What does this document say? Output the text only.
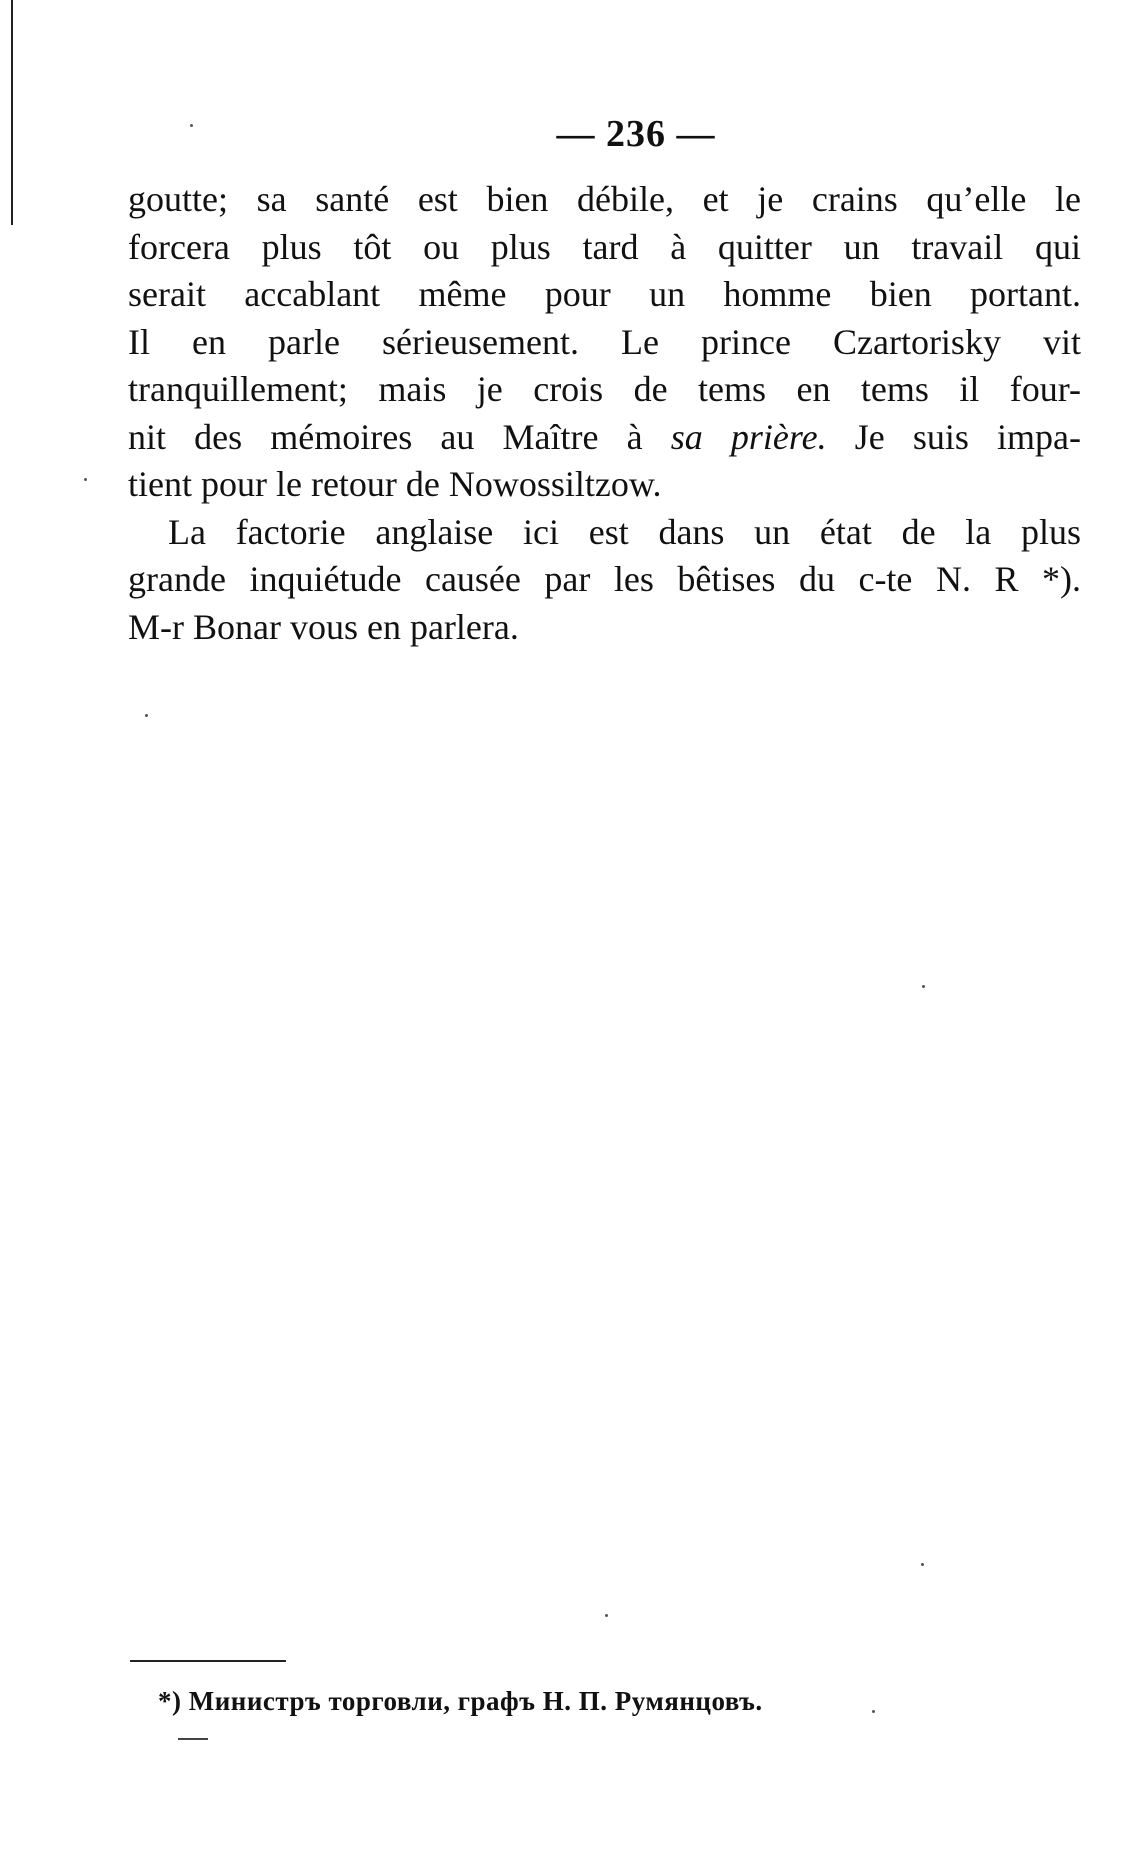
— 236 —
goutte; sa santé est bien débile, et je crains qu’elle le
forcera plus tôt ou plus tard à quitter un travail qui
serait accablant même pour un homme bien portant.
Il en parle sérieusement. Le prince Czartorisky vit
tranquillement; mais je crois de tems en tems il four-
nit des mémoires au Maître à sa prière. Je suis impa-
tient pour le retour de Nowossiltzow.
La factorie anglaise ici est dans un état de la plus
grande inquiétude causée par les bêtises du c-te N. R *).
M-r Bonar vous en parlera.
*) Министръ торговли, графъ Н. П. Румянцовъ.
